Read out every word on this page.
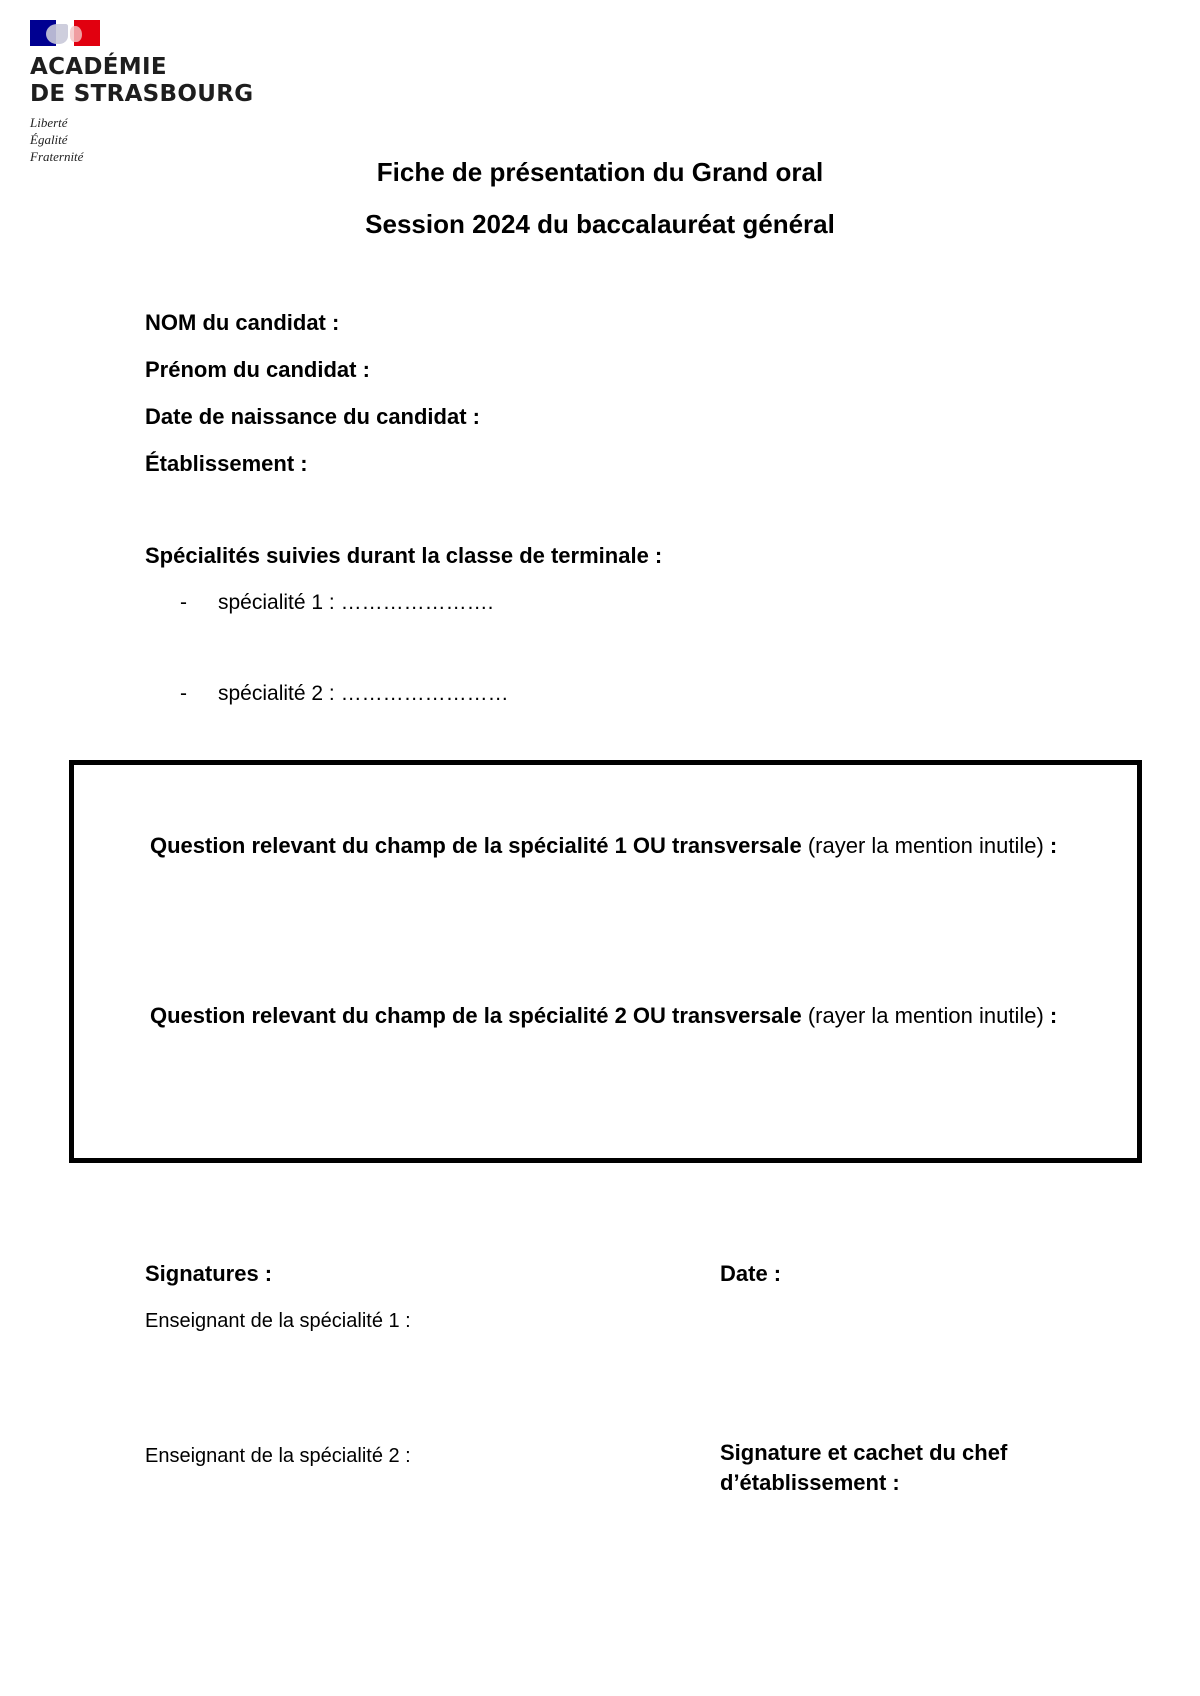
ACADÉMIE
DE STRASBOURG
Liberté
Égalité
Fraternité
Fiche de présentation du Grand oral
Session 2024 du baccalauréat général
NOM du candidat :
Prénom du candidat :
Date de naissance du candidat :
Établissement :
Spécialités suivies durant la classe de terminale :
- spécialité 1 : ………………….
- spécialité 2 : ……………………
Question relevant du champ de la spécialité 1 OU transversale (rayer la mention inutile) :
Question relevant du champ de la spécialité 2 OU transversale (rayer la mention inutile) :
Signatures :	Date :
Enseignant de la spécialité 1 :
Enseignant de la spécialité 2 :	Signature et cachet du chef d’établissement :
